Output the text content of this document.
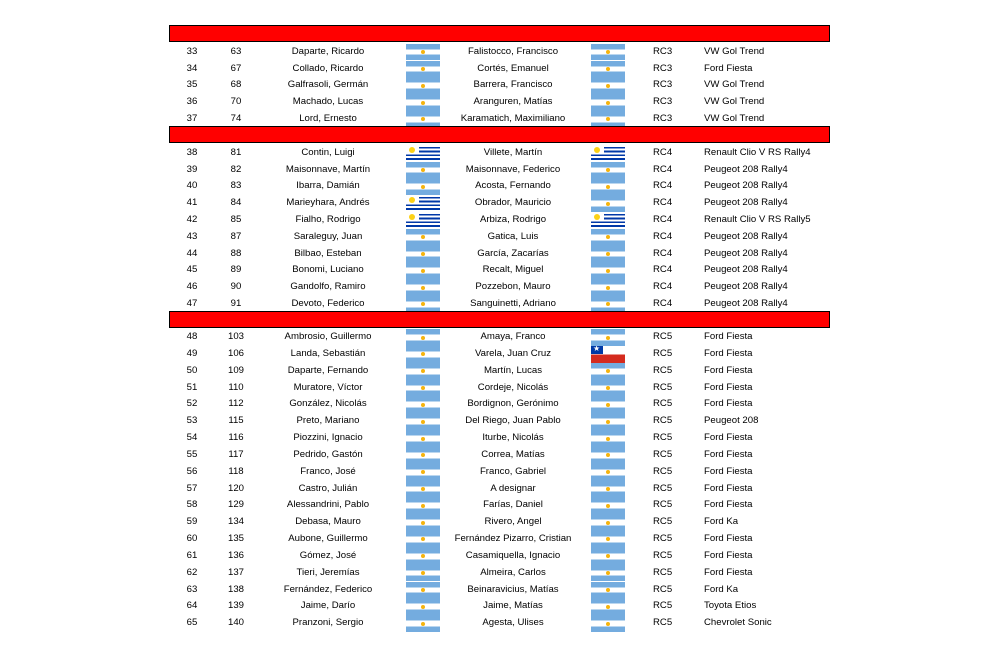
33	63	Daparte, Ricardo	Falistocco, Francisco	RC3	VW Gol Trend
34	67	Collado, Ricardo	Cortés, Emanuel	RC3	Ford Fiesta
35	68	Galfrasoli, Germán	Barrera, Francisco	RC3	VW Gol Trend
36	70	Machado, Lucas	Aranguren, Matías	RC3	VW Gol Trend
37	74	Lord, Ernesto	Karamatich, Maximiliano	RC3	VW Gol Trend
38	81	Contin, Luigi	Villete, Martín	RC4	Renault Clio V RS Rally4
39	82	Maisonnave, Martín	Maisonnave, Federico	RC4	Peugeot 208 Rally4
40	83	Ibarra, Damián	Acosta, Fernando	RC4	Peugeot 208 Rally4
41	84	Marieyhara, Andrés	Obrador, Mauricio	RC4	Peugeot 208 Rally4
42	85	Fialho, Rodrigo	Arbiza, Rodrigo	RC4	Renault Clio V RS Rally5
43	87	Saraleguy, Juan	Gatica, Luis	RC4	Peugeot 208 Rally4
44	88	Bilbao, Esteban	García, Zacarías	RC4	Peugeot 208 Rally4
45	89	Bonomi, Luciano	Recalt, Miguel	RC4	Peugeot 208 Rally4
46	90	Gandolfo, Ramiro	Pozzebon, Mauro	RC4	Peugeot 208 Rally4
47	91	Devoto, Federico	Sanguinetti, Adriano	RC4	Peugeot 208 Rally4
48	103	Ambrosio, Guillermo	Amaya, Franco	RC5	Ford Fiesta
49	106	Landa, Sebastián	Varela, Juan Cruz	RC5	Ford Fiesta
★
50	109	Daparte, Fernando	Martín, Lucas	RC5	Ford Fiesta
51	110	Muratore, Víctor	Cordeje, Nicolás	RC5	Ford Fiesta
52	112	González, Nicolás	Bordignon, Gerónimo	RC5	Ford Fiesta
53	115	Preto, Mariano	Del Riego, Juan Pablo	RC5	Peugeot 208
54	116	Piozzini, Ignacio	Iturbe, Nicolás	RC5	Ford Fiesta
55	117	Pedrido, Gastón	Correa, Matías	RC5	Ford Fiesta
56	118	Franco, José	Franco, Gabriel	RC5	Ford Fiesta
57	120	Castro, Julián	A designar	RC5	Ford Fiesta
58	129	Alessandrini, Pablo	Farías, Daniel	RC5	Ford Fiesta
59	134	Debasa, Mauro	Rivero, Angel	RC5	Ford Ka
60	135	Aubone, Guillermo	Fernández Pizarro, Cristian	RC5	Ford Fiesta
61	136	Gómez, José	Casamiquella, Ignacio	RC5	Ford Fiesta
62	137	Tieri, Jeremías	Almeira, Carlos	RC5	Ford Fiesta
63	138	Fernández, Federico	Beinaravicius, Matías	RC5	Ford Ka
64	139	Jaime, Darío	Jaime, Matías	RC5	Toyota Etios
65	140	Pranzoni, Sergio	Agesta, Ulises	RC5	Chevrolet Sonic
